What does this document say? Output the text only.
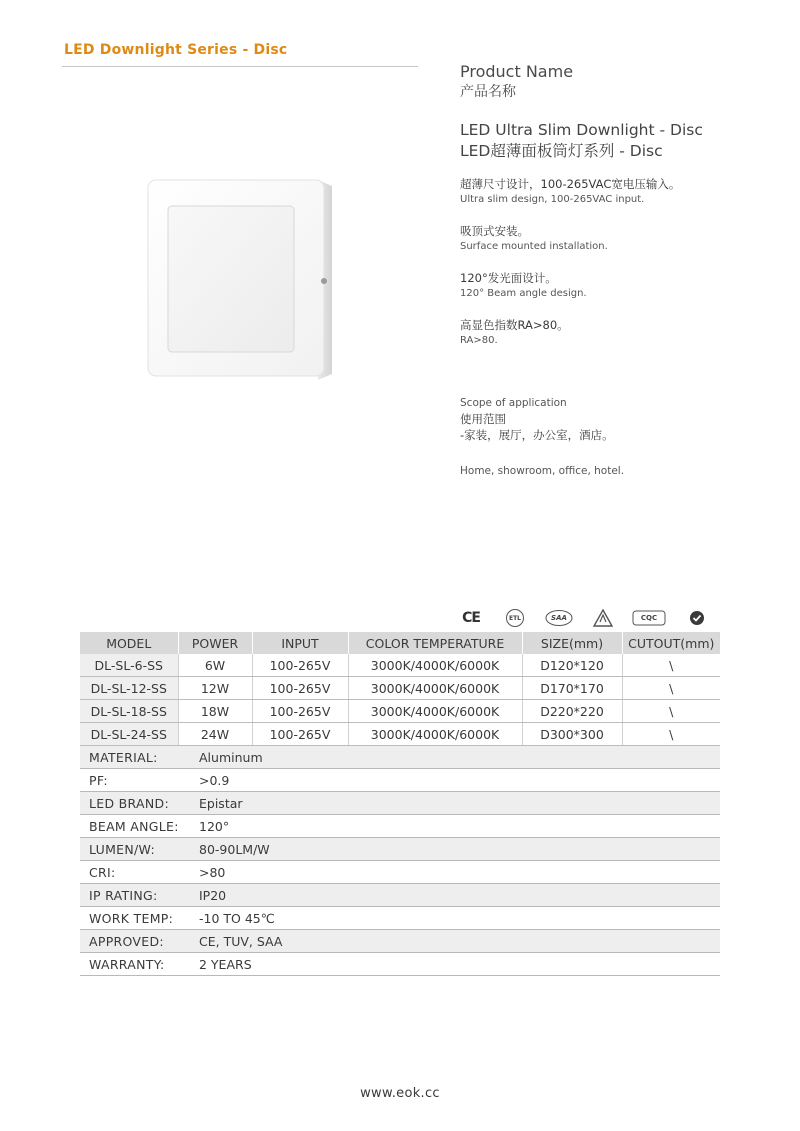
LED Downlight Series - Disc
Product Name
产品名称
LED Ultra Slim Downlight - Disc
LED超薄面板筒灯系列 - Disc
超薄尺寸设计，100-265VAC宽电压输入。
Ultra slim design, 100-265VAC input.
吸顶式安装。
Surface mounted installation.
120°发光面设计。
120° Beam angle design.
高显色指数RA>80。
RA>80.
Scope of application
使用范围
-家装，展厅，办公室，酒店。
Home, showroom, office, hotel.
CE	ETL	SAA	CQC
MODEL	POWER	INPUT	COLOR TEMPERATURE	SIZE(mm)	CUTOUT(mm)
DL-SL-6-SS	6W	100-265V	3000K/4000K/6000K	D120*120	\
DL-SL-12-SS	12W	100-265V	3000K/4000K/6000K	D170*170	\
DL-SL-18-SS	18W	100-265V	3000K/4000K/6000K	D220*220	\
DL-SL-24-SS	24W	100-265V	3000K/4000K/6000K	D300*300	\
MATERIAL:	Aluminum
PF:	>0.9
LED BRAND:	Epistar
BEAM ANGLE:	120°
LUMEN/W:	80-90LM/W
CRI:	>80
IP RATING:	IP20
WORK TEMP:	-10 TO 45℃
APPROVED:	CE, TUV, SAA
WARRANTY:	2 YEARS
www.eok.cc
